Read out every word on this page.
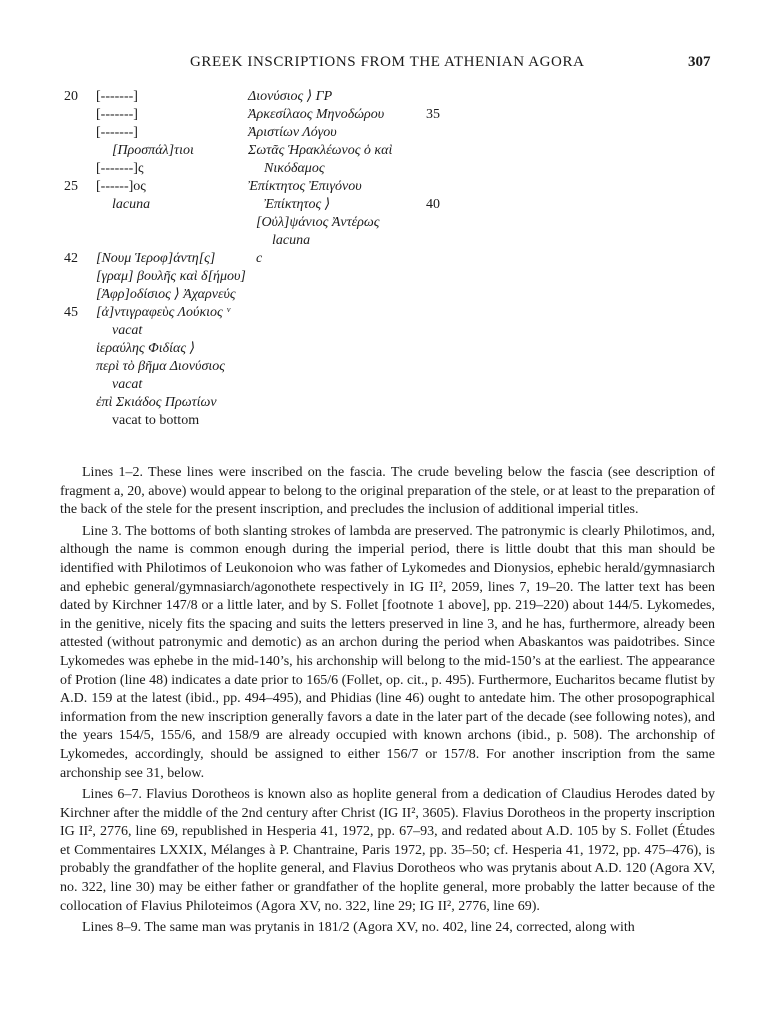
GREEK INSCRIPTIONS FROM THE ATHENIAN AGORA	307
20
25
35
40
42
45
[-------]
[-------]
[-------]
[Προσπάλ]τιοι
[-------]ς
[------]ος
lacuna
Διονύσιος ⟩ ΓΡ
Ἀρκεσίλαος Μηνοδώρου
Ἀριστίων Λόγου
Σωτᾶς Ἡρακλέωνος ὁ καὶ
Νικόδαμος
Ἐπίκτητος Ἐπιγόνου
Ἐπίκτητος ⟩
[Οὐλ]ψάνιος Ἀντέρως
lacuna
[Νουμ Ἱεροφ]άντη[ς]	c
[γραμ] βουλῆς καὶ δ[ήμου]
[Ἀφρ]οδίσιος ⟩ Ἀχαρνεύς
[ἀ]ντιγραφεὺς Λούκιος ᵛ
vacat
ἱεραύλης Φιδίας ⟩
περὶ τὸ βῆμα Διονύσιος
vacat
ἐπὶ Σκιάδος Πρωτίων
vacat to bottom

Lines 1–2. These lines were inscribed on the fascia. The crude beveling below the fascia (see description of fragment a, 20, above) would appear to belong to the original preparation of the stele, or at least to the preparation of the back of the stele for the present inscription, and precludes the inclusion of additional imperial titles.

Line 3. The bottoms of both slanting strokes of lambda are preserved. The patronymic is clearly Philotimos, and, although the name is common enough during the imperial period, there is little doubt that this man should be identified with Philotimos of Leukonoion who was father of Lykomedes and Dionysios, ephebic herald/gymnasiarch and ephebic general/gymnasiarch/agonothete respectively in IG II², 2059, lines 7, 19–20. The latter text has been dated by Kirchner 147/8 or a little later, and by S. Follet [footnote 1 above], pp. 219–220) about 144/5. Lykomedes, in the genitive, nicely fits the spacing and suits the letters preserved in line 3, and he has, furthermore, already been attested (without patronymic and demotic) as an archon during the period when Abaskantos was paidotribes. Since Lykomedes was ephebe in the mid-140’s, his archonship will belong to the mid-150’s at the earliest. The appearance of Protion (line 48) indicates a date prior to 165/6 (Follet, op. cit., p. 495). Furthermore, Eucharitos became flutist by A.D. 159 at the latest (ibid., pp. 494–495), and Phidias (line 46) ought to antedate him. The other prosopographical information from the new inscription generally favors a date in the later part of the decade (see following notes), and the years 154/5, 155/6, and 158/9 are already occupied with known archons (ibid., p. 508). The archonship of Lykomedes, accordingly, should be assigned to either 156/7 or 157/8. For another inscription from the same archonship see 31, below.

Lines 6–7. Flavius Dorotheos is known also as hoplite general from a dedication of Claudius Herodes dated by Kirchner after the middle of the 2nd century after Christ (IG II², 3605). Flavius Dorotheos in the property inscription IG II², 2776, line 69, republished in Hesperia 41, 1972, pp. 67–93, and redated about A.D. 105 by S. Follet (Études et Commentaires LXXIX, Mélanges à P. Chantraine, Paris 1972, pp. 35–50; cf. Hesperia 41, 1972, pp. 475–476), is probably the grandfather of the hoplite general, and Flavius Dorotheos who was prytanis about A.D. 120 (Agora XV, no. 322, line 30) may be either father or grandfather of the hoplite general, more probably the latter because of the collocation of Flavius Philoteimos (Agora XV, no. 322, line 29; IG II², 2776, line 69).

Lines 8–9. The same man was prytanis in 181/2 (Agora XV, no. 402, line 24, corrected, along with
